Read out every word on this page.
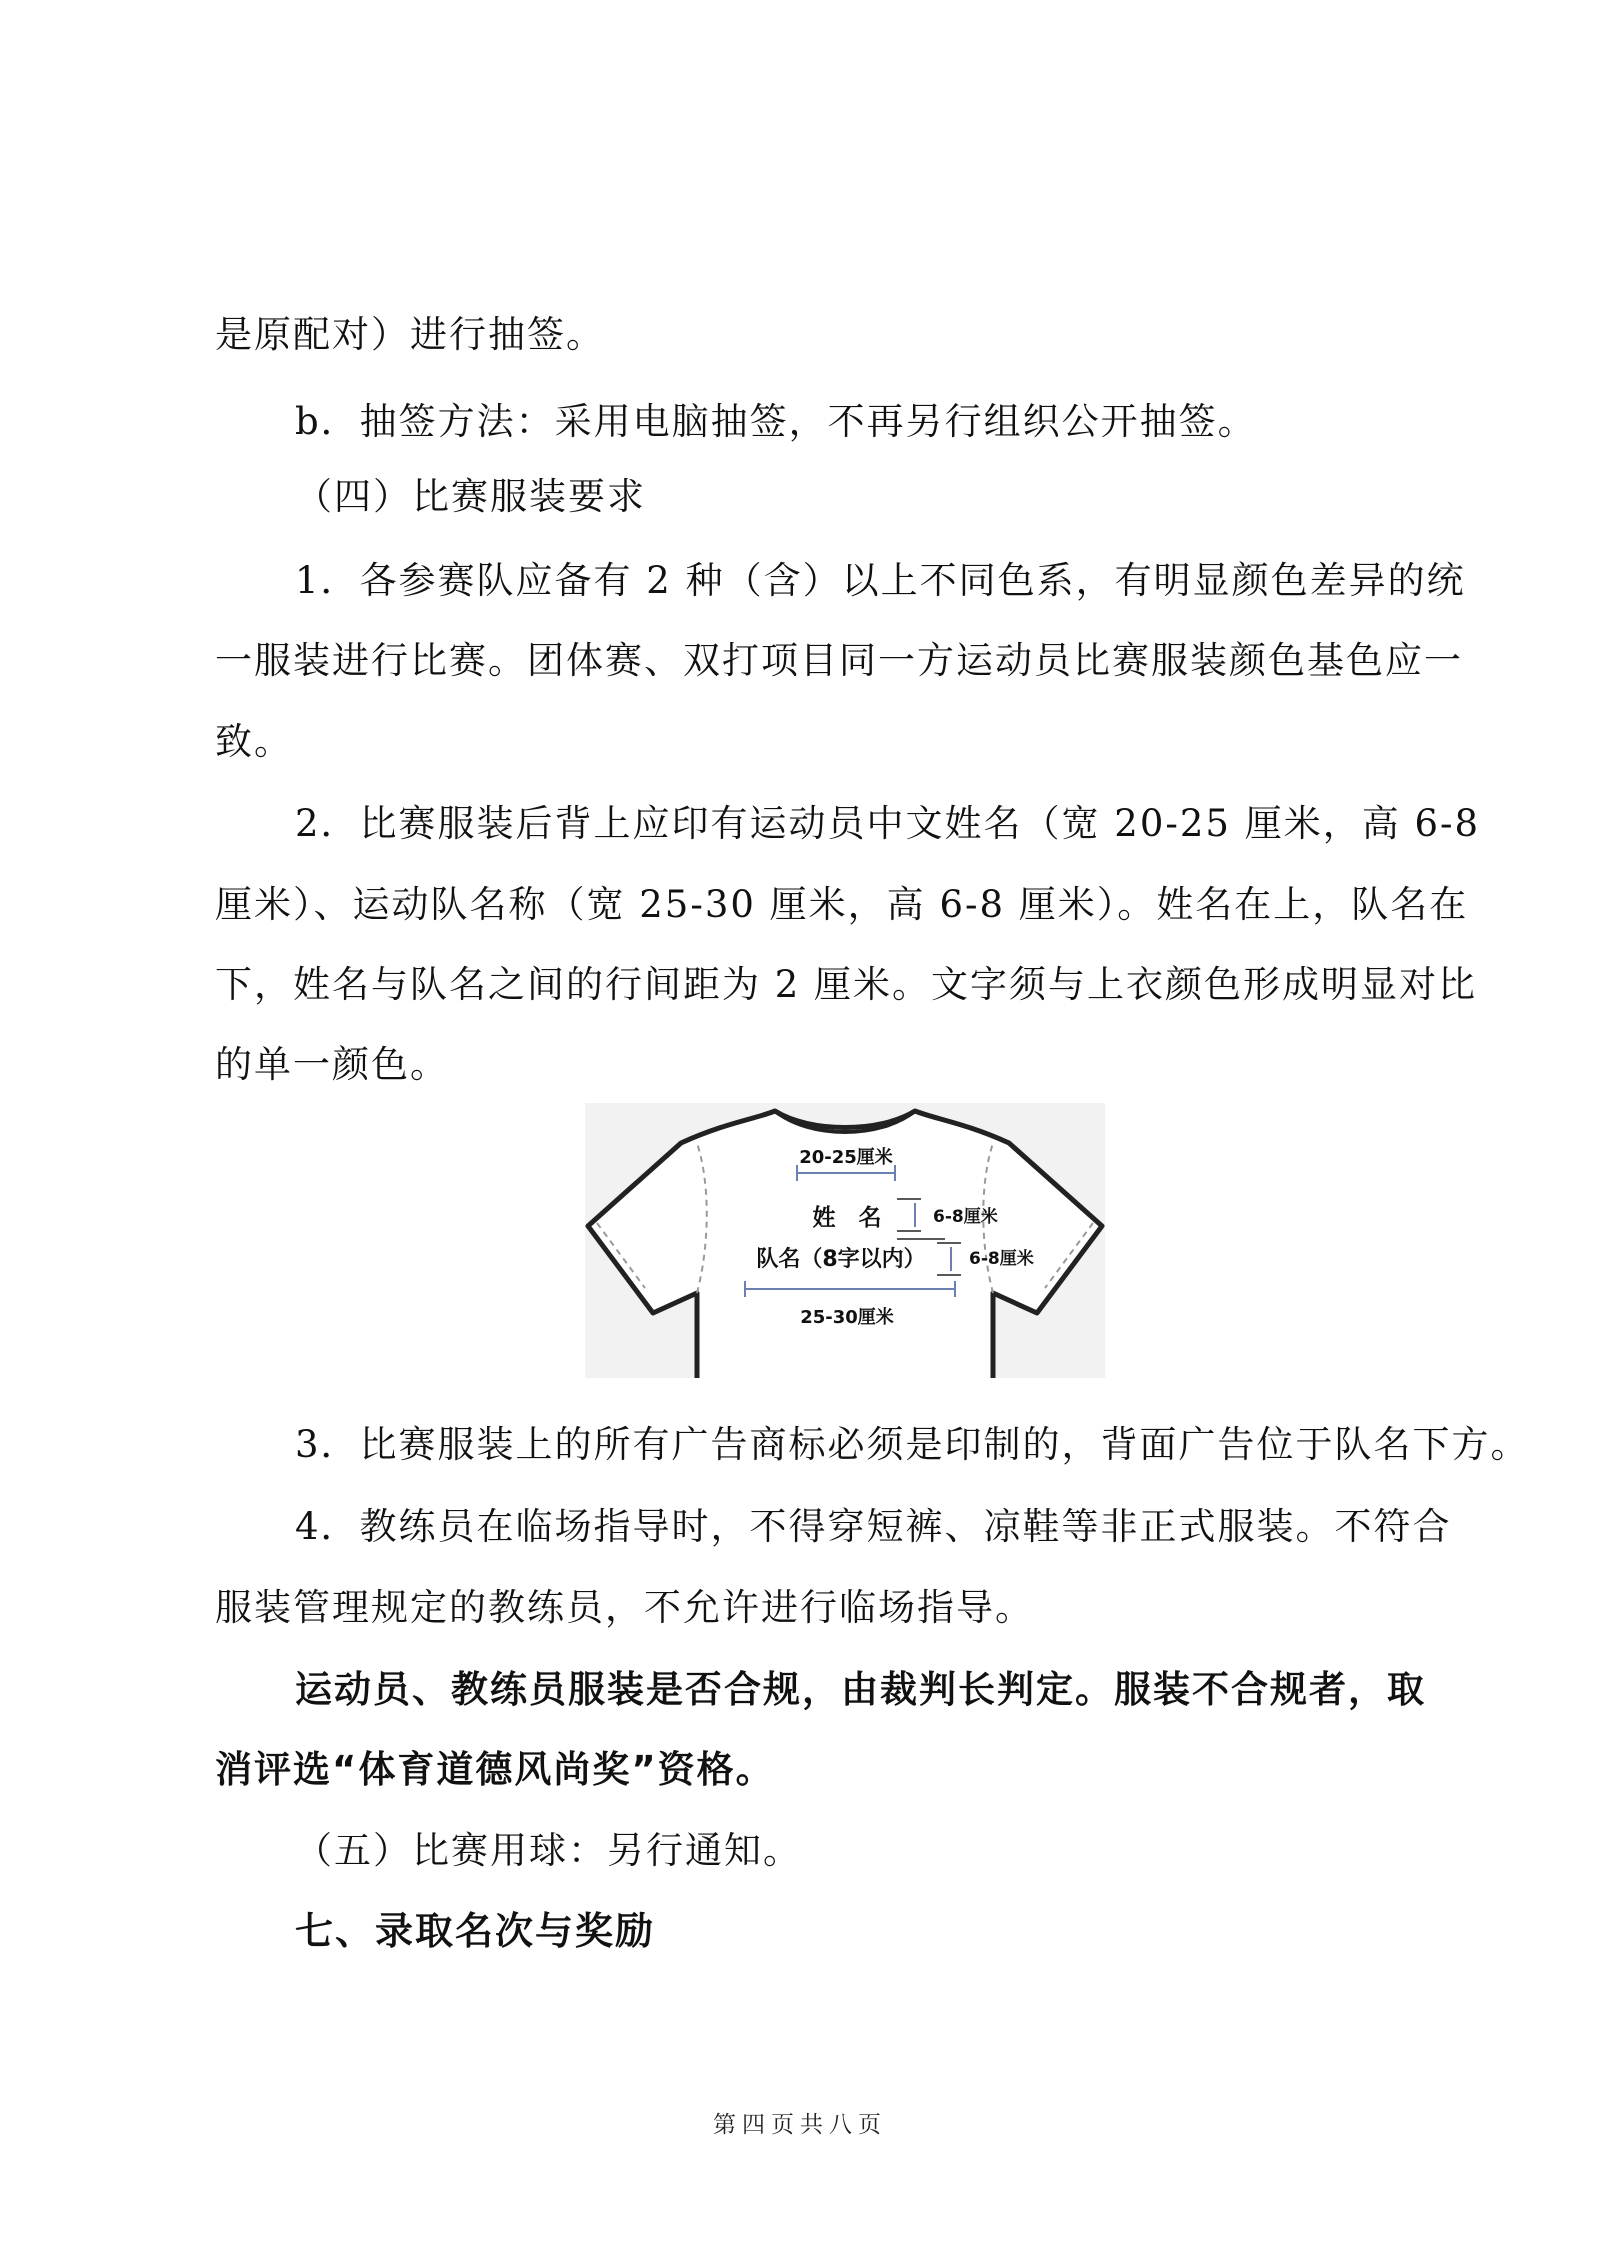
是原配对）进行抽签。

b．抽签方法：采用电脑抽签，不再另行组织公开抽签。

（四）比赛服装要求

1．各参赛队应备有 2 种（含）以上不同色系，有明显颜色差异的统

一服装进行比赛。团体赛、双打项目同一方运动员比赛服装颜色基色应一

致。

2．比赛服装后背上应印有运动员中文姓名（宽 20-25 厘米，高 6-8

厘米）、运动队名称（宽 25-30 厘米，高 6-8 厘米）。姓名在上，队名在

下，姓名与队名之间的行间距为 2 厘米。文字须与上衣颜色形成明显对比

的单一颜色。

20-25厘米
姓　名	6-8厘米
队名（8字以内）	6-8厘米
25-30厘米

3．比赛服装上的所有广告商标必须是印制的，背面广告位于队名下方。

4．教练员在临场指导时，不得穿短裤、凉鞋等非正式服装。不符合

服装管理规定的教练员，不允许进行临场指导。

运动员、教练员服装是否合规，由裁判长判定。服装不合规者，取

消评选“体育道德风尚奖”资格。

（五）比赛用球：另行通知。

七、录取名次与奖励

第四页共八页
